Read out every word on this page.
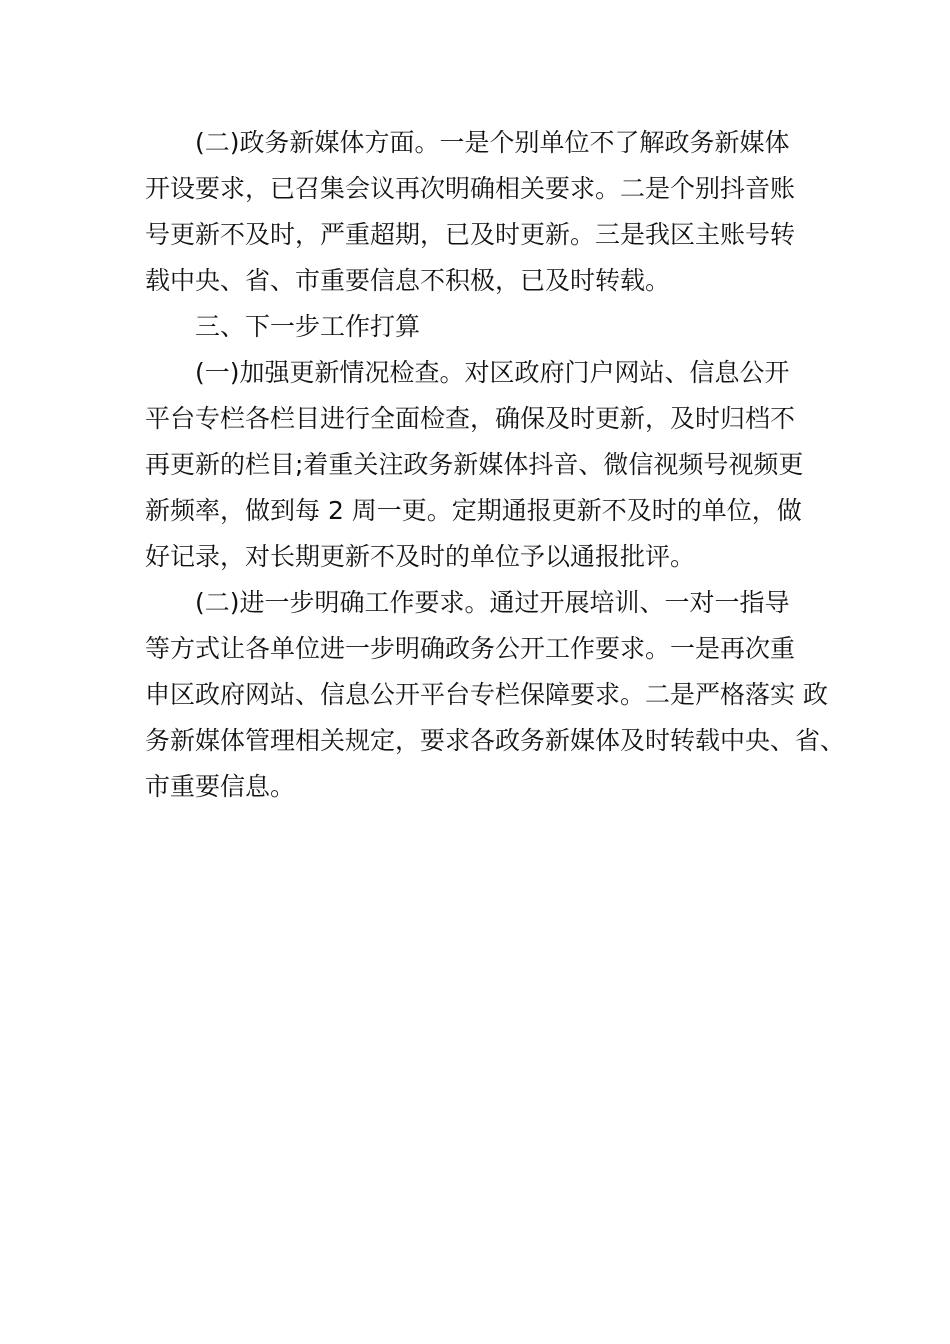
(二)政务新媒体方面。一是个别单位不了解政务新媒体
开设要求，已召集会议再次明确相关要求。二是个别抖音账
号更新不及时，严重超期，已及时更新。三是我区主账号转
载中央、省、市重要信息不积极，已及时转载。
三、下一步工作打算
(一)加强更新情况检查。对区政府门户网站、信息公开
平台专栏各栏目进行全面检查，确保及时更新，及时归档不
再更新的栏目;着重关注政务新媒体抖音、微信视频号视频更
新频率，做到每 2 周一更。定期通报更新不及时的单位，做
好记录，对长期更新不及时的单位予以通报批评。
(二)进一步明确工作要求。通过开展培训、一对一指导
等方式让各单位进一步明确政务公开工作要求。一是再次重
申区政府网站、信息公开平台专栏保障要求。二是严格落实 政
务新媒体管理相关规定，要求各政务新媒体及时转载中央、省、
市重要信息。
